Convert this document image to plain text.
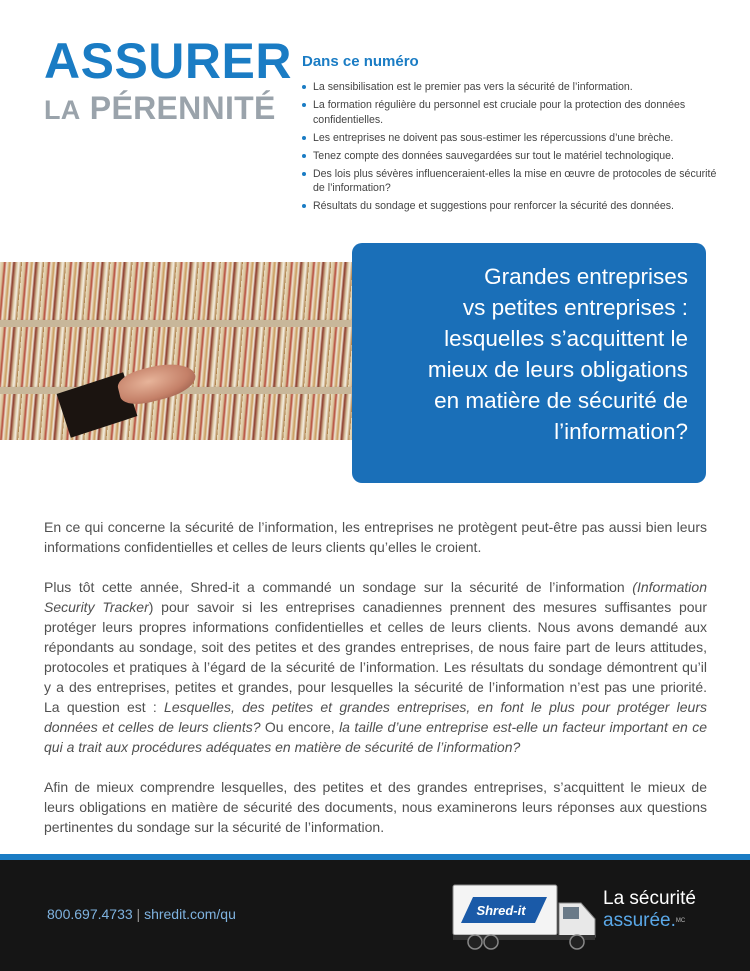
ASSURER
LA PÉRENNITÉ
Dans ce numéro
La sensibilisation est le premier pas vers la sécurité de l’information.
La formation régulière du personnel est cruciale pour la protection des données confidentielles.
Les entreprises ne doivent pas sous-estimer les répercussions d’une brèche.
Tenez compte des données sauvegardées sur tout le matériel technologique.
Des lois plus sévères influenceraient-elles la mise en œuvre de protocoles de sécurité de l’information?
Résultats du sondage et suggestions pour renforcer la sécurité des données.
Grandes entreprises
vs petites entreprises :
lesquelles s’acquittent le
mieux de leurs obligations
en matière de sécurité de
l’information?

En ce qui concerne la sécurité de l’information, les entreprises ne protègent peut-être pas aussi bien leurs informations confidentielles et celles de leurs clients qu’elles le croient.

Plus tôt cette année, Shred-it a commandé un sondage sur la sécurité de l’information (Information Security Tracker) pour savoir si les entreprises canadiennes prennent des mesures suffisantes pour protéger leurs propres informations confidentielles et celles de leurs clients. Nous avons demandé aux répondants au sondage, soit des petites et des grandes entreprises, de nous faire part de leurs attitudes, protocoles et pratiques à l’égard de la sécurité de l’information. Les résultats du sondage démontrent qu’il y a des entreprises, petites et grandes, pour lesquelles la sécurité de l’information n’est pas une priorité. La question est : Lesquelles, des petites et grandes entreprises, en font le plus pour protéger leurs données et celles de leurs clients? Ou encore, la taille d’une entreprise est-elle un facteur important en ce qui a trait aux procédures adéquates en matière de sécurité de l’information?

Afin de mieux comprendre lesquelles, des petites et des grandes entreprises, s’acquittent le mieux de leurs obligations en matière de sécurité des documents, nous examinerons leurs réponses aux questions pertinentes du sondage sur la sécurité de l’information.

800.697.4733 | shredit.com/qu	Shred-it
La sécurité
assurée.$^{MC}$
